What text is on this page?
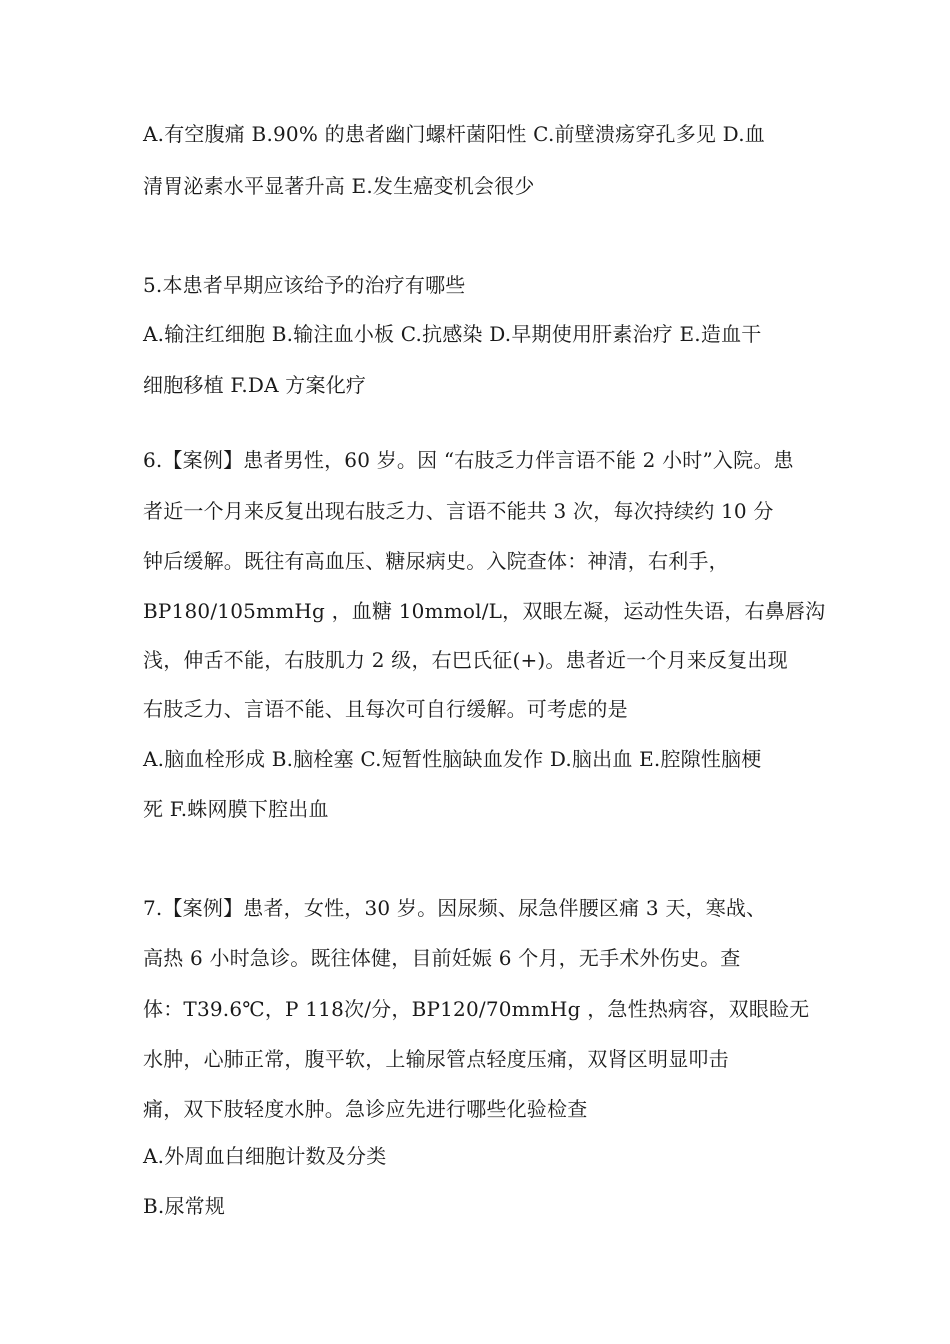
A.有空腹痛 B.90% 的患者幽门螺杆菌阳性 C.前壁溃疡穿孔多见 D.血
清胃泌素水平显著升高 E.发生癌变机会很少
5.本患者早期应该给予的治疗有哪些
A.输注红细胞 B.输注血小板 C.抗感染 D.早期使用肝素治疗 E.造血干
细胞移植 F.DA 方案化疗
6.【案例】患者男性，60 岁。因 “右肢乏力伴言语不能 2 小时”入院。患
者近一个月来反复出现右肢乏力、言语不能共 3 次，每次持续约 10 分
钟后缓解。既往有高血压、糖尿病史。入院查体：神清，右利手，
BP180/105mmHg ，血糖 10mmol/L，双眼左凝，运动性失语，右鼻唇沟
浅，伸舌不能，右肢肌力 2 级，右巴氏征(+)。患者近一个月来反复出现
右肢乏力、言语不能、且每次可自行缓解。可考虑的是
A.脑血栓形成 B.脑栓塞 C.短暂性脑缺血发作 D.脑出血 E.腔隙性脑梗
死 F.蛛网膜下腔出血
7.【案例】患者，女性，30 岁。因尿频、尿急伴腰区痛 3 天，寒战、
高热 6 小时急诊。既往体健，目前妊娠 6 个月，无手术外伤史。查
体：T39.6℃，P 118次/分，BP120/70mmHg ，急性热病容，双眼睑无
水肿，心肺正常，腹平软，上输尿管点轻度压痛，双肾区明显叩击
痛，双下肢轻度水肿。急诊应先进行哪些化验检查
A.外周血白细胞计数及分类
B.尿常规
